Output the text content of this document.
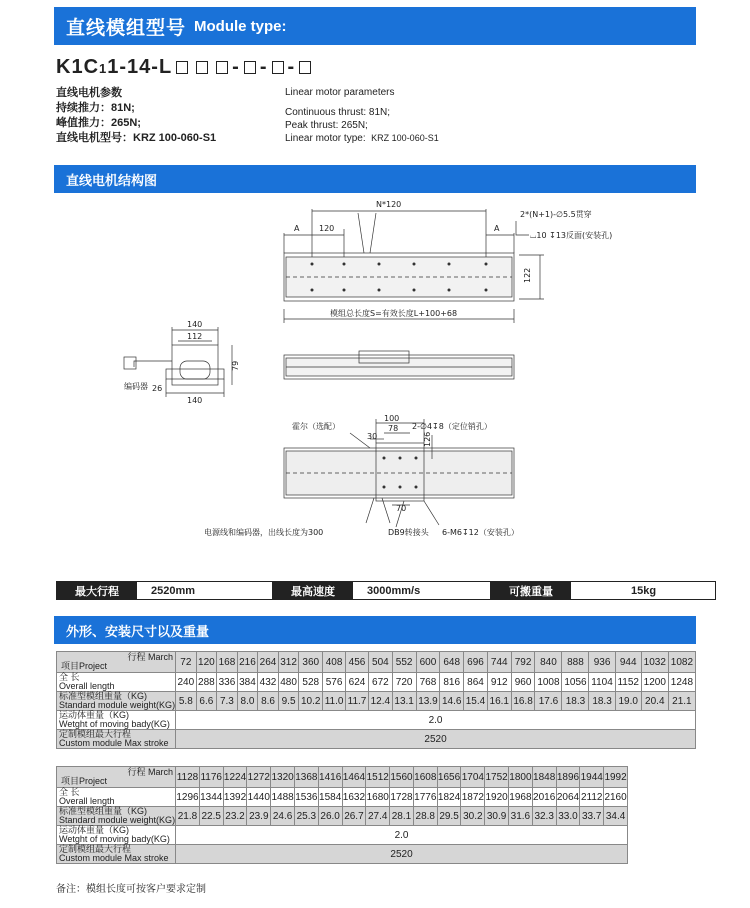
直线模组型号 Module type:
K1C11-14-L	- - -
直线电机参数
持续推力：81N;
峰值推力：265N;
直线电机型号：KRZ 100-060-S1
Linear motor parameters
Continuous thrust: 81N;
Peak thrust: 265N;
Linear motor type: KRZ 100-060-S1
直线电机结构图
N*120
A 120	A
2*(N+1)-∅5.5贯穿
⌴10 ↧13反面(安装孔)
122
模组总长度S=有效长度L+100+68
140
112
79
编码器 26
140
霍尔（选配）
100
78
30
2-∅4↧8（定位销孔）
126
70
电源线和编码器，出线长度为300	DB9转接头 6-M6↧12（安装孔）
最大行程	2520mm	最高速度	3000mm/s	可搬重量	15kg
外形、安装尺寸以及重量
行程 March
项目Project	72	120	168	216	264	312	360	408	456	504	552	600	648	696	744	792	840	888	936	944	1032	1082

全 长
Overall length	240	288	336	384	432	480	528	576	624	672	720	768	816	864	912	960	1008	1056	1104	1152	1200	1248

标准型模组重量（KG)
Standard module weight(KG)	5.8	6.6	7.3	8.0	8.6	9.5	10.2	11.0	11.7	12.4	13.1	13.9	14.6	15.4	16.1	16.8	17.6	18.3	18.3	19.0	20.4	21.1

运动体重量（KG)
Wetght of moving bady(KG)	2.0																					

定制模组最大行程
Custom module Max stroke	2520																					
行程 March
项目Project	1128	1176	1224	1272	1320	1368	1416	1464	1512	1560	1608	1656	1704	1752	1800	1848	1896	1944	1992

全 长
Overall length	1296	1344	1392	1440	1488	1536	1584	1632	1680	1728	1776	1824	1872	1920	1968	2016	2064	2112	2160

标准型模组重量（KG)
Standard module weight(KG)	21.8	22.5	23.2	23.9	24.6	25.3	26.0	26.7	27.4	28.1	28.8	29.5	30.2	30.9	31.6	32.3	33.0	33.7	34.4

运动体重量（KG)
Wetght of moving bady(KG)	2.0																		

定制模组最大行程
Custom module Max stroke	2520																		
备注：模组长度可按客户要求定制
